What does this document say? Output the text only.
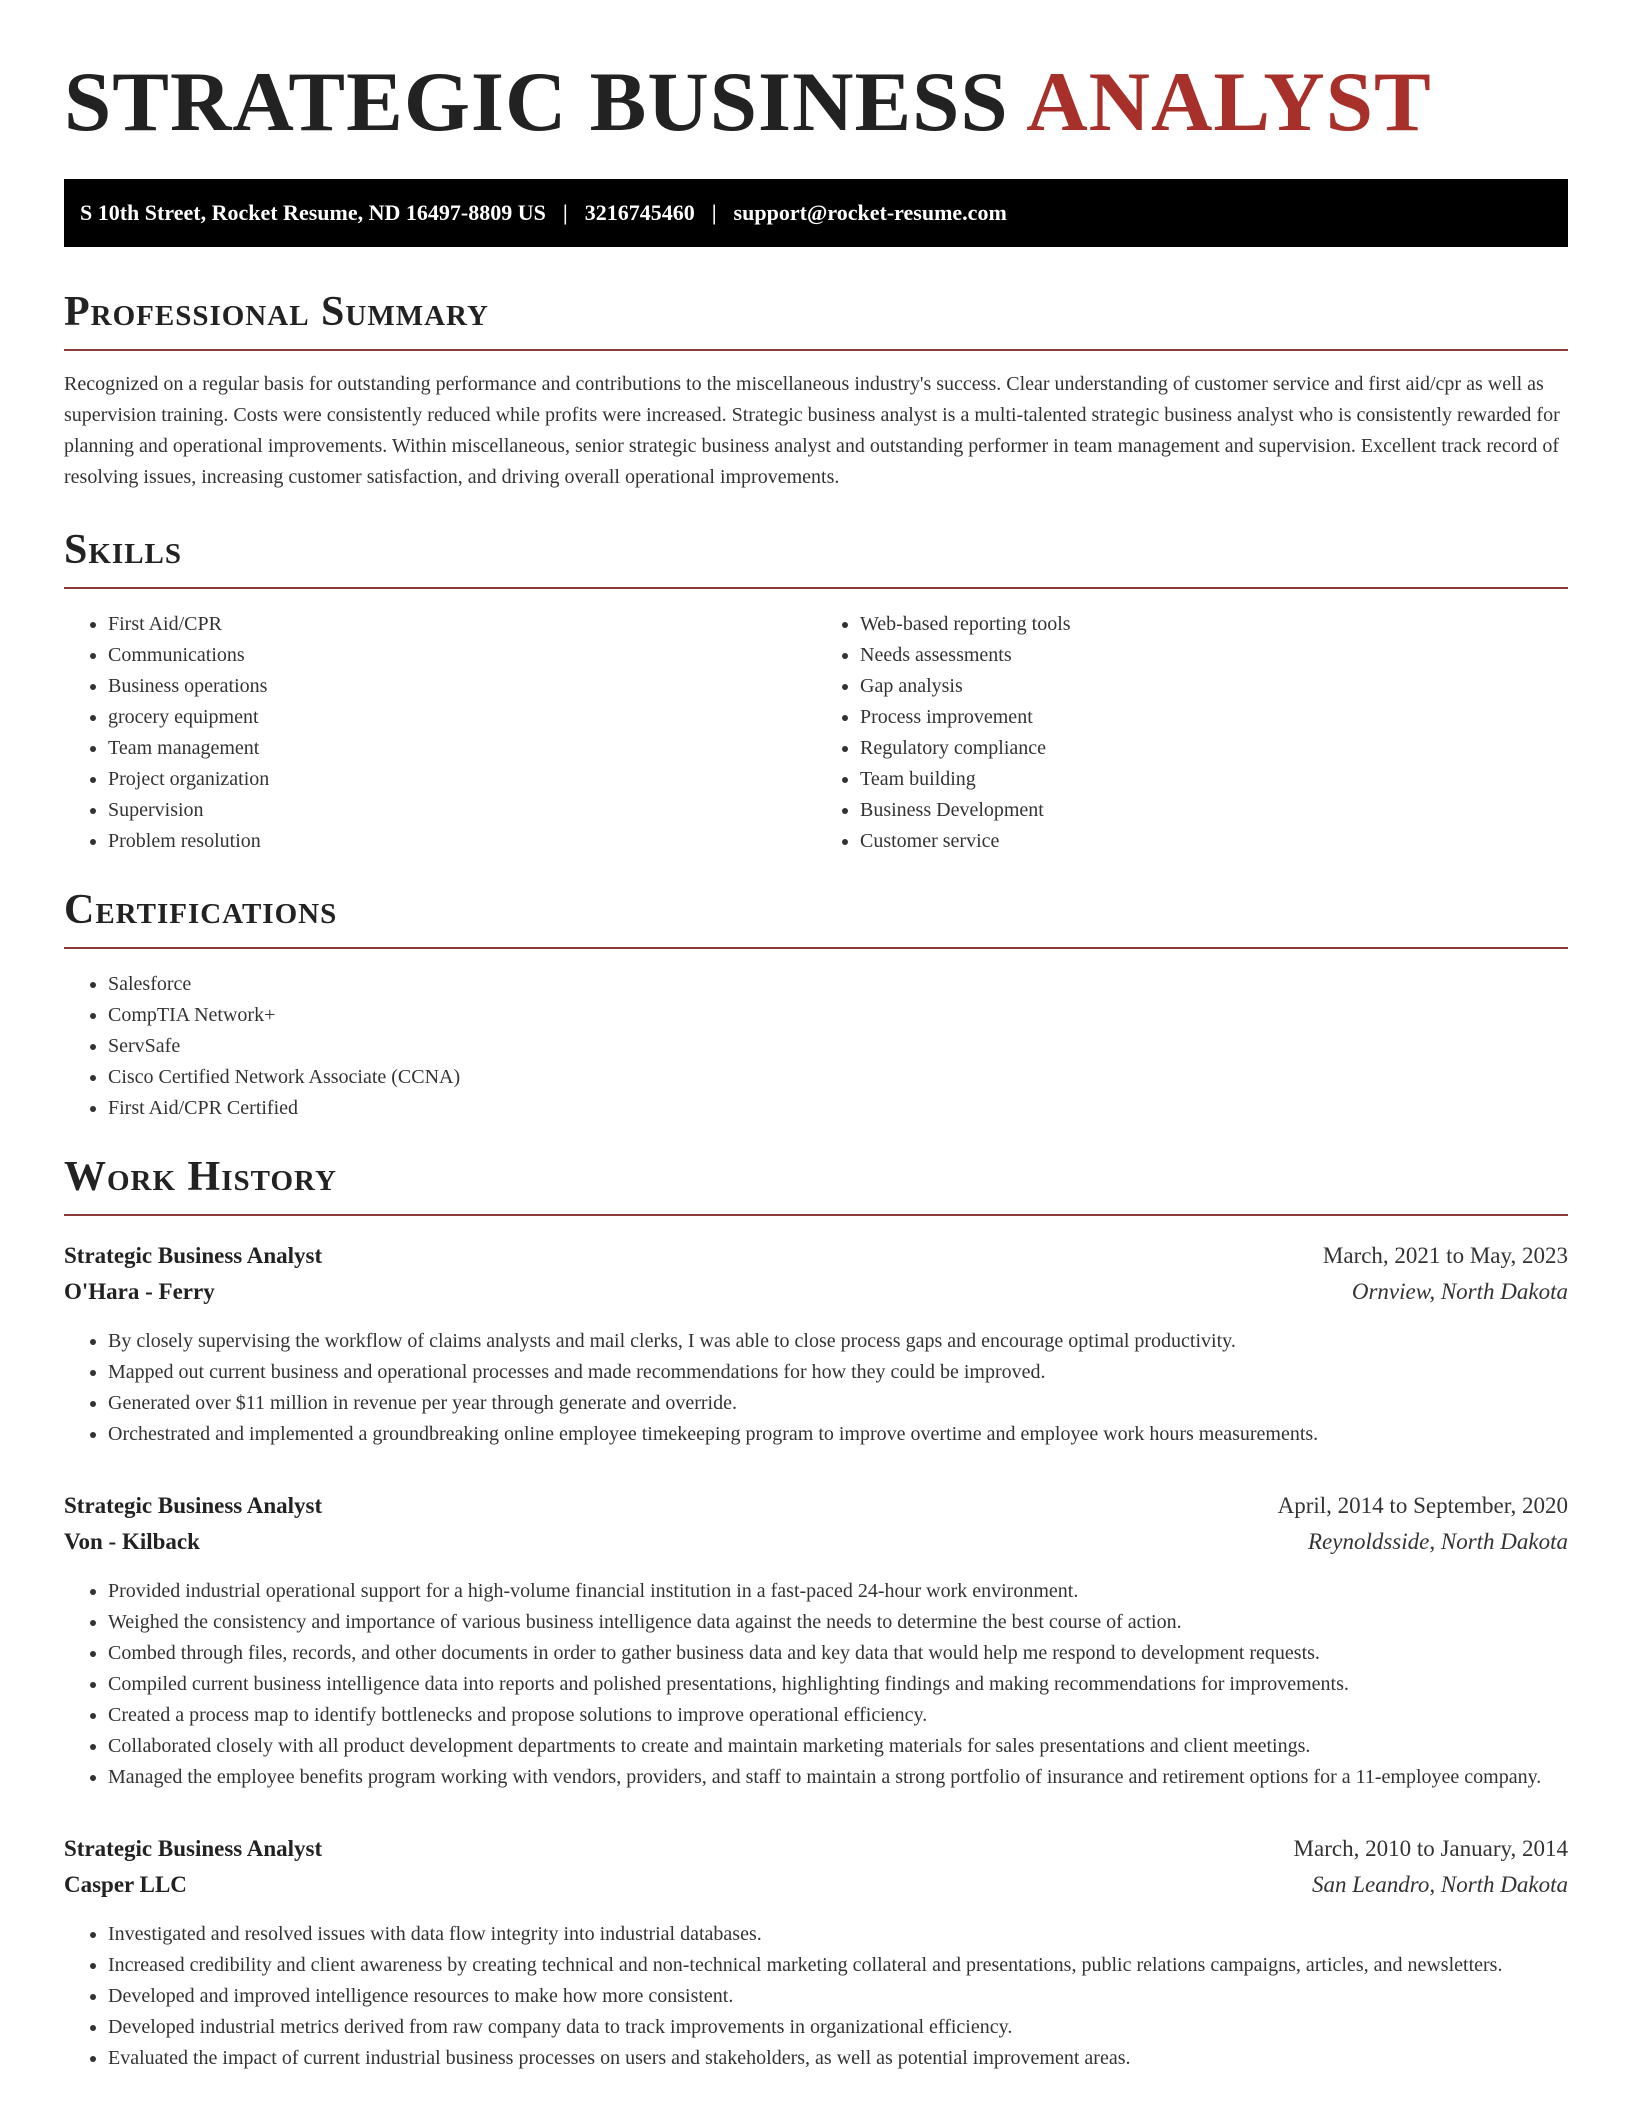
STRATEGIC BUSINESS ANALYST
S 10th Street, Rocket Resume, ND 16497-8809 US | 3216745460 | support@rocket-resume.com
Professional Summary

Recognized on a regular basis for outstanding performance and contributions to the miscellaneous industry's success. Clear understanding of customer service and first aid/cpr as well as supervision training. Costs were consistently reduced while profits were increased. Strategic business analyst is a multi-talented strategic business analyst who is consistently rewarded for planning and operational improvements. Within miscellaneous, senior strategic business analyst and outstanding performer in team management and supervision. Excellent track record of resolving issues, increasing customer satisfaction, and driving overall operational improvements.

Skills
• First Aid/CPR
• Communications
• Business operations
• grocery equipment
• Team management
• Project organization
• Supervision
• Problem resolution
• Web-based reporting tools
• Needs assessments
• Gap analysis
• Process improvement
• Regulatory compliance
• Team building
• Business Development
• Customer service
Certifications
• Salesforce
• CompTIA Network+
• ServSafe
• Cisco Certified Network Associate (CCNA)
• First Aid/CPR Certified
Work History
Strategic Business Analyst	March, 2021 to May, 2023
O'Hara - Ferry	Ornview, North Dakota
• By closely supervising the workflow of claims analysts and mail clerks, I was able to close process gaps and encourage optimal productivity.
• Mapped out current business and operational processes and made recommendations for how they could be improved.
• Generated over $11 million in revenue per year through generate and override.
• Orchestrated and implemented a groundbreaking online employee timekeeping program to improve overtime and employee work hours measurements.
Strategic Business Analyst	April, 2014 to September, 2020
Von - Kilback	Reynoldsside, North Dakota
• Provided industrial operational support for a high-volume financial institution in a fast-paced 24-hour work environment.
• Weighed the consistency and importance of various business intelligence data against the needs to determine the best course of action.
• Combed through files, records, and other documents in order to gather business data and key data that would help me respond to development requests.
• Compiled current business intelligence data into reports and polished presentations, highlighting findings and making recommendations for improvements.
• Created a process map to identify bottlenecks and propose solutions to improve operational efficiency.
• Collaborated closely with all product development departments to create and maintain marketing materials for sales presentations and client meetings.
• Managed the employee benefits program working with vendors, providers, and staff to maintain a strong portfolio of insurance and retirement options for a 11-employee company.
Strategic Business Analyst	March, 2010 to January, 2014
Casper LLC	San Leandro, North Dakota
• Investigated and resolved issues with data flow integrity into industrial databases.
• Increased credibility and client awareness by creating technical and non-technical marketing collateral and presentations, public relations campaigns, articles, and newsletters.
• Developed and improved intelligence resources to make how more consistent.
• Developed industrial metrics derived from raw company data to track improvements in organizational efficiency.
• Evaluated the impact of current industrial business processes on users and stakeholders, as well as potential improvement areas.
